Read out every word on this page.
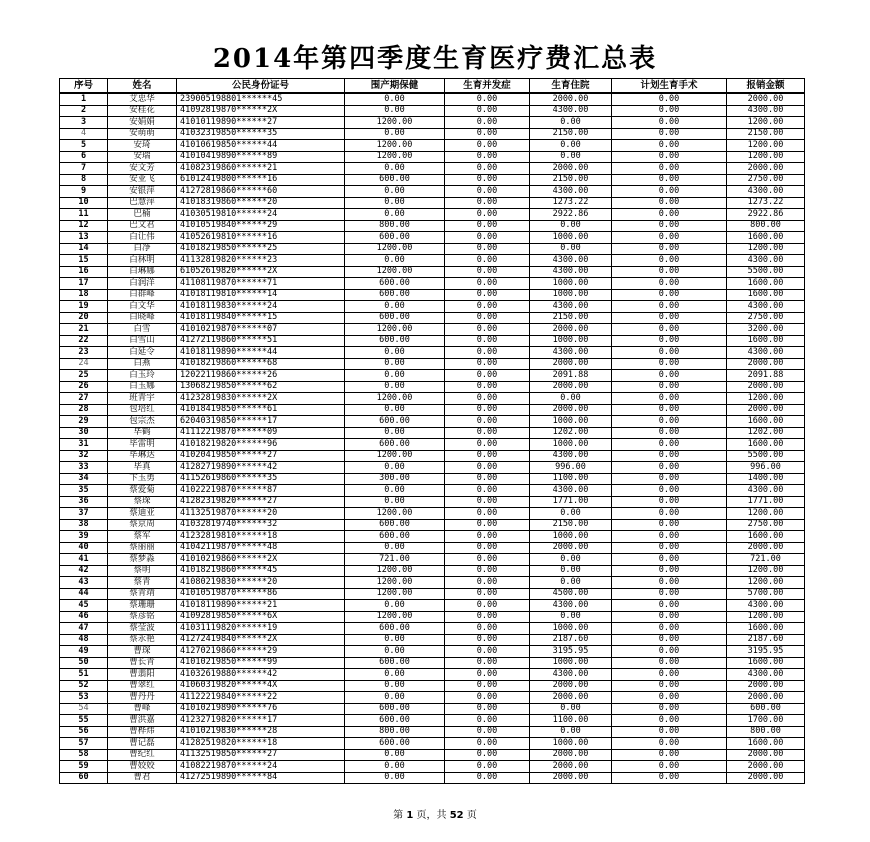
2014年第四季度生育医疗费汇总表
序号	姓名	公民身份证号	围产期保健	生育并发症	生育住院	计划生育手术	报销金额
1	艾忠华	239005198801******45	0.00	0.00	2000.00	0.00	2000.00
2	安桂花	41092819870******2X	0.00	0.00	4300.00	0.00	4300.00
3	安娟娟	41010119890******27	1200.00	0.00	0.00	0.00	1200.00
4	安萌萌	41032319850******35	0.00	0.00	2150.00	0.00	2150.00
5	安琦	41010619850******44	1200.00	0.00	0.00	0.00	1200.00
6	安瑞	41010419890******89	1200.00	0.00	0.00	0.00	1200.00
7	安文芳	41082319860******21	0.00	0.00	2000.00	0.00	2000.00
8	安亚飞	61012419800******16	600.00	0.00	2150.00	0.00	2750.00
9	安银萍	41272819860******60	0.00	0.00	4300.00	0.00	4300.00
10	巴慧萍	41018319860******20	0.00	0.00	1273.22	0.00	1273.22
11	巴楠	41030519810******24	0.00	0.00	2922.86	0.00	2922.86
12	巴文君	41010519840******29	800.00	0.00	0.00	0.00	800.00
13	白让伟	41052619810******16	600.00	0.00	1000.00	0.00	1600.00
14	白净	41018219850******25	1200.00	0.00	0.00	0.00	1200.00
15	白林明	41132819820******23	0.00	0.00	4300.00	0.00	4300.00
16	白琳娜	61052619820******2X	1200.00	0.00	4300.00	0.00	5500.00
17	白润洋	41108119870******71	600.00	0.00	1000.00	0.00	1600.00
18	白群峰	41018119810******14	600.00	0.00	1000.00	0.00	1600.00
19	白文华	41018119830******24	0.00	0.00	4300.00	0.00	4300.00
20	白晓峰	41018119840******15	600.00	0.00	2150.00	0.00	2750.00
21	白雪	41010219870******07	1200.00	0.00	2000.00	0.00	3200.00
22	白雪山	41272119860******51	600.00	0.00	1000.00	0.00	1600.00
23	白延令	41018119890******44	0.00	0.00	4300.00	0.00	4300.00
24	白燕	41018219860******68	0.00	0.00	2000.00	0.00	2000.00
25	白玉玲	12022119860******26	0.00	0.00	2091.88	0.00	2091.88
26	白玉娜	13068219850******62	0.00	0.00	2000.00	0.00	2000.00
27	班青宇	41232819830******2X	1200.00	0.00	0.00	0.00	1200.00
28	包培红	41018419850******61	0.00	0.00	2000.00	0.00	2000.00
29	包宗杰	62040319850******17	600.00	0.00	1000.00	0.00	1600.00
30	毕鹤	41112219870******09	0.00	0.00	1202.00	0.00	1202.00
31	毕雷明	41018219820******96	600.00	0.00	1000.00	0.00	1600.00
32	毕琳达	41020419850******27	1200.00	0.00	4300.00	0.00	5500.00
33	毕真	41282719890******42	0.00	0.00	996.00	0.00	996.00
34	卞玉勇	41152619860******35	300.00	0.00	1100.00	0.00	1400.00
35	蔡爱菊	41022219870******87	0.00	0.00	4300.00	0.00	4300.00
36	蔡琛	41282319820******27	0.00	0.00	1771.00	0.00	1771.00
37	蔡迪亚	41132519870******20	1200.00	0.00	0.00	0.00	1200.00
38	蔡京周	41032819740******32	600.00	0.00	2150.00	0.00	2750.00
39	蔡军	41232819810******18	600.00	0.00	1000.00	0.00	1600.00
40	蔡丽丽	41042119870******48	0.00	0.00	2000.00	0.00	2000.00
41	蔡梦淼	41010219860******2X	721.00	0.00	0.00	0.00	721.00
42	蔡明	41018219860******45	1200.00	0.00	0.00	0.00	1200.00
43	蔡青	41080219830******20	1200.00	0.00	0.00	0.00	1200.00
44	蔡青靖	41010519870******86	1200.00	0.00	4500.00	0.00	5700.00
45	蔡珊珊	41018119890******21	0.00	0.00	4300.00	0.00	4300.00
46	蔡彦铭	41092819850******6X	1200.00	0.00	0.00	0.00	1200.00
47	蔡莹波	41031119820******19	600.00	0.00	1000.00	0.00	1600.00
48	蔡永艳	41272419840******2X	0.00	0.00	2187.60	0.00	2187.60
49	曹琛	41270219860******29	0.00	0.00	3195.95	0.00	3195.95
50	曹长青	41010219850******99	600.00	0.00	1000.00	0.00	1600.00
51	曹翡阳	41032619880******42	0.00	0.00	4300.00	0.00	4300.00
52	曹翠红	41060319820******4X	0.00	0.00	2000.00	0.00	2000.00
53	曹丹丹	41122219840******22	0.00	0.00	2000.00	0.00	2000.00
54	曹峰	41010219890******76	600.00	0.00	0.00	0.00	600.00
55	曹洪嘉	41232719820******17	600.00	0.00	1100.00	0.00	1700.00
56	曹桦炜	41010219830******28	800.00	0.00	0.00	0.00	800.00
57	曹记磊	41282519820******18	600.00	0.00	1000.00	0.00	1600.00
58	曹纪红	41132519850******27	0.00	0.00	2000.00	0.00	2000.00
59	曹姣姣	41082219870******24	0.00	0.00	2000.00	0.00	2000.00
60	曹君	41272519890******84	0.00	0.00	2000.00	0.00	2000.00
第 1 页，共 52 页
